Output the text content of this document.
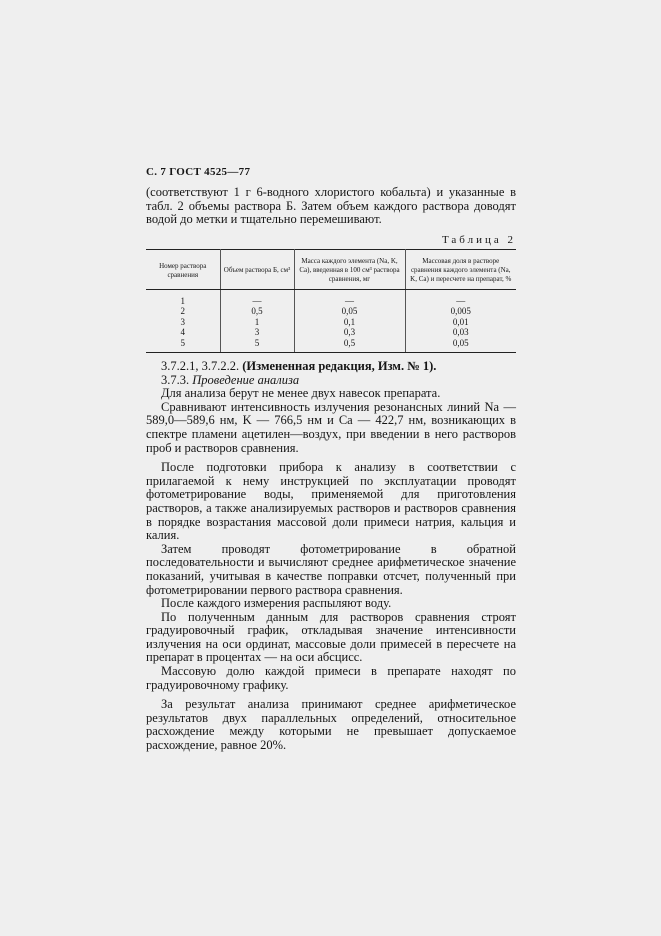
С. 7 ГОСТ 4525—77

(соответствуют 1 г 6-водного хлористого кобальта) и указанные в табл. 2 объемы раствора Б. Затем объем каждого раствора доводят водой до метки и тщательно перемешивают.

Таблица 2
Номер раствора сравнения	Объем раствора Б, см³	Масса каждого элемента (Na, K, Ca), введенная в 100 см³ раствора сравнения, мг	Массовая доля в растворе сравнения каждого элемента (Na, K, Ca) и пересчете на препарат, %
1	—	—	—
2	0,5	0,05	0,005
3	1	0,1	0,01
4	3	0,3	0,03
5	5	0,5	0,05

3.7.2.1, 3.7.2.2. (Измененная редакция, Изм. № 1).

3.7.3. Проведение анализа

Для анализа берут не менее двух навесок препарата.

Сравнивают интенсивность излучения резонансных линий Na — 589,0—589,6 нм, K — 766,5 нм и Ca — 422,7 нм, возникающих в спектре пламени ацетилен—воздух, при введении в него растворов проб и растворов сравнения.

После подготовки прибора к анализу в соответствии с прилагаемой к нему инструкцией по эксплуатации проводят фотометрирование воды, применяемой для приготовления растворов, а также анализируемых растворов и растворов сравнения в порядке возрастания массовой доли примеси натрия, кальция и калия.

Затем проводят фотометрирование в обратной последовательности и вычисляют среднее арифметическое значение показаний, учитывая в качестве поправки отсчет, полученный при фотометрировании первого раствора сравнения.

После каждого измерения распыляют воду.

По полученным данным для растворов сравнения строят градуировочный график, откладывая значение интенсивности излучения на оси ординат, массовые доли примесей в пересчете на препарат в процентах — на оси абсцисс.

Массовую долю каждой примеси в препарате находят по градуировочному графику.

За результат анализа принимают среднее арифметическое результатов двух параллельных определений, относительное расхождение между которыми не превышает допускаемое расхождение, равное 20%.
